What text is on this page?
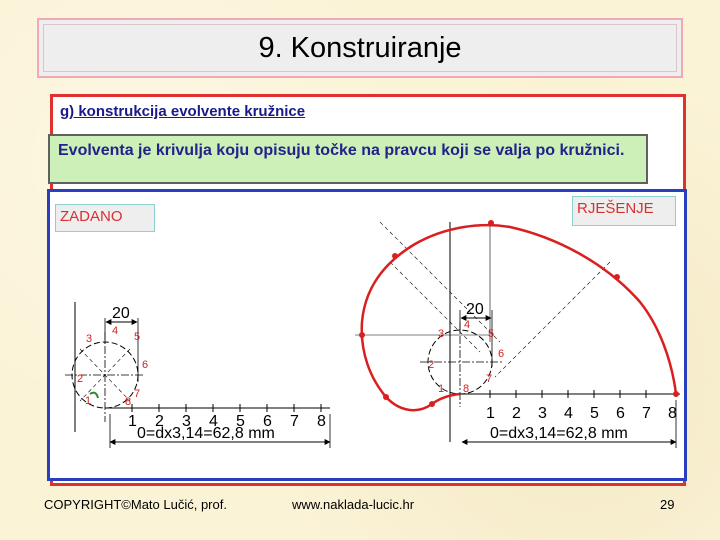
9. Konstruiranje
g) konstrukcija evolvente kružnice
Evolventa je krivulja koju opisuju točke na pravcu koji se valja po kružnici.
ZADANO	RJEŠENJE
20
0=dx3,14=62,8 mm
4 5
3
6
2
7
1	8
1 2 3 4 5 6 7 8
20
0=dx3,14=62,8 mm
4
5
3
6
2
7
1 8
1 2 3 4 5 6 7 8
COPYRIGHT©Mato Lučić, prof.	www.naklada-lucic.hr	29
